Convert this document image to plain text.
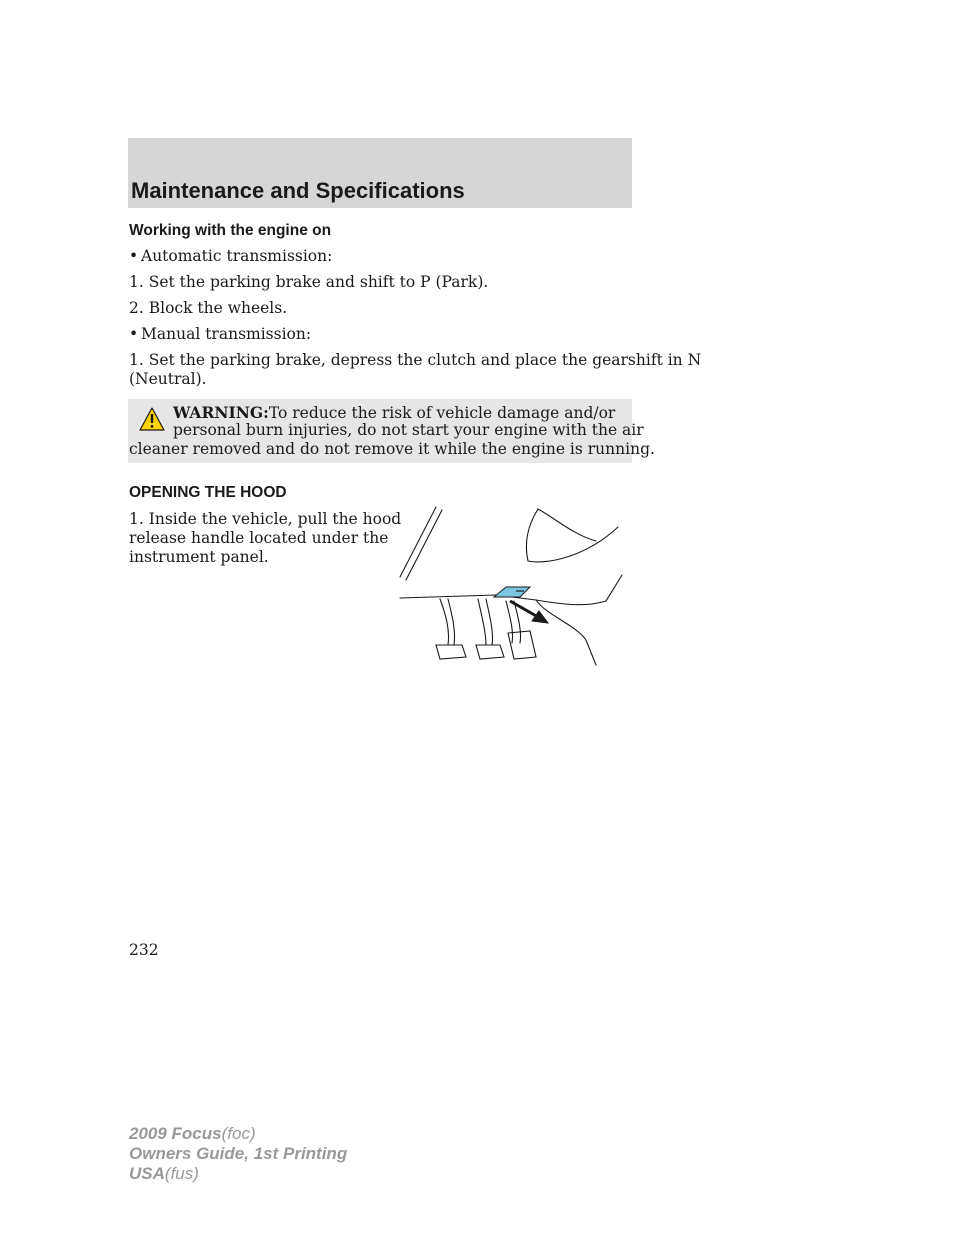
Maintenance and Specifications
Working with the engine on
• Automatic transmission:
1. Set the parking brake and shift to P (Park).
2. Block the wheels.
• Manual transmission:
1. Set the parking brake, depress the clutch and place the gearshift in N
(Neutral).
WARNING:To reduce the risk of vehicle damage and/or
personal burn injuries, do not start your engine with the air
cleaner removed and do not remove it while the engine is running.
OPENING THE HOOD
1. Inside the vehicle, pull the hood
release handle located under the
instrument panel.
232
2009 Focus(foc)
Owners Guide, 1st Printing
USA(fus)
